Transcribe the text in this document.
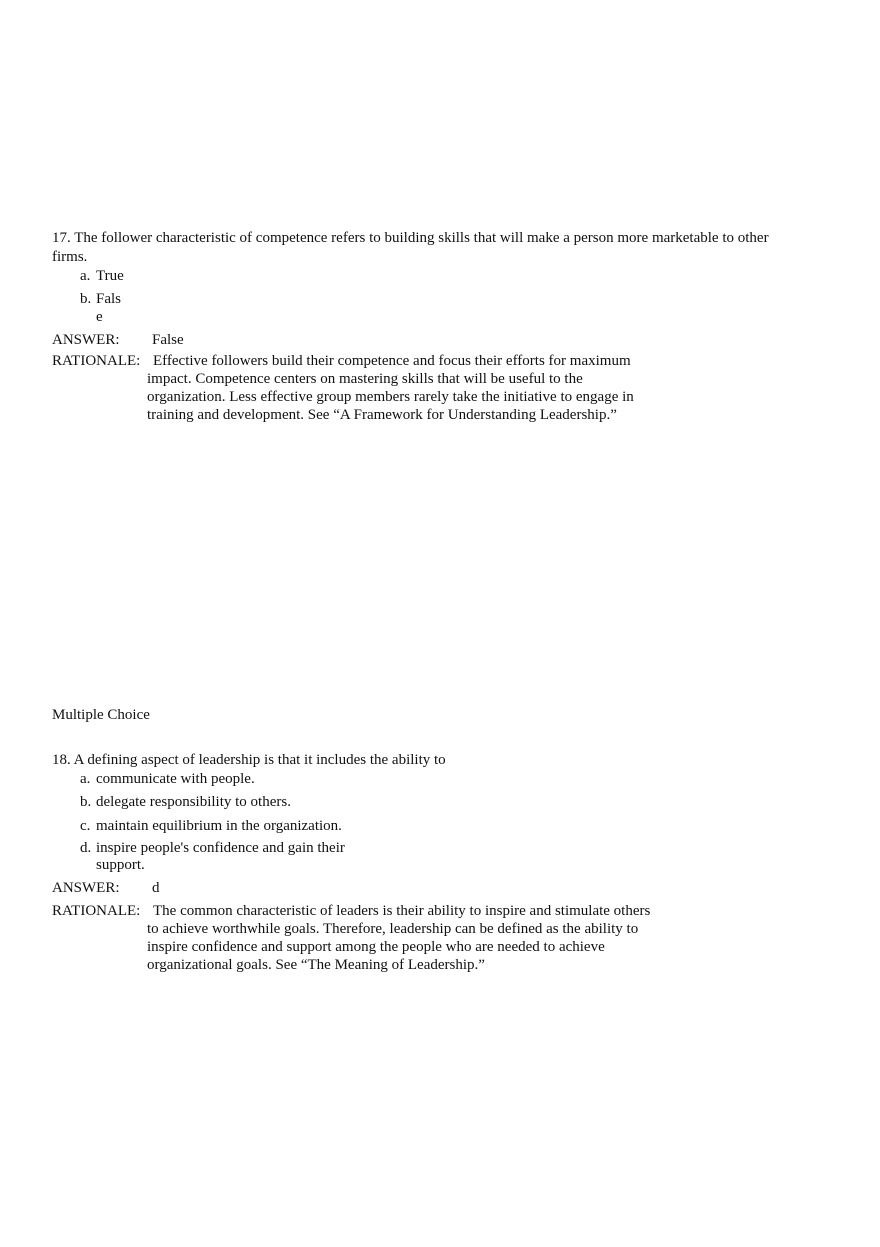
17. The follower characteristic of competence refers to building skills that will make a person more marketable to other
firms.
a. True
b. Fals
e
ANSWER: False
RATIONALE: Effective followers build their competence and focus their efforts for maximum
impact. Competence centers on mastering skills that will be useful to the
organization. Less effective group members rarely take the initiative to engage in
training and development. See “A Framework for Understanding Leadership.”
Multiple Choice
18. A defining aspect of leadership is that it includes the ability to
a. communicate with people.
b. delegate responsibility to others.
c. maintain equilibrium in the organization.
d. inspire people's confidence and gain their
support.
ANSWER: d
RATIONALE: The common characteristic of leaders is their ability to inspire and stimulate others
to achieve worthwhile goals. Therefore, leadership can be defined as the ability to
inspire confidence and support among the people who are needed to achieve
organizational goals. See “The Meaning of Leadership.”
